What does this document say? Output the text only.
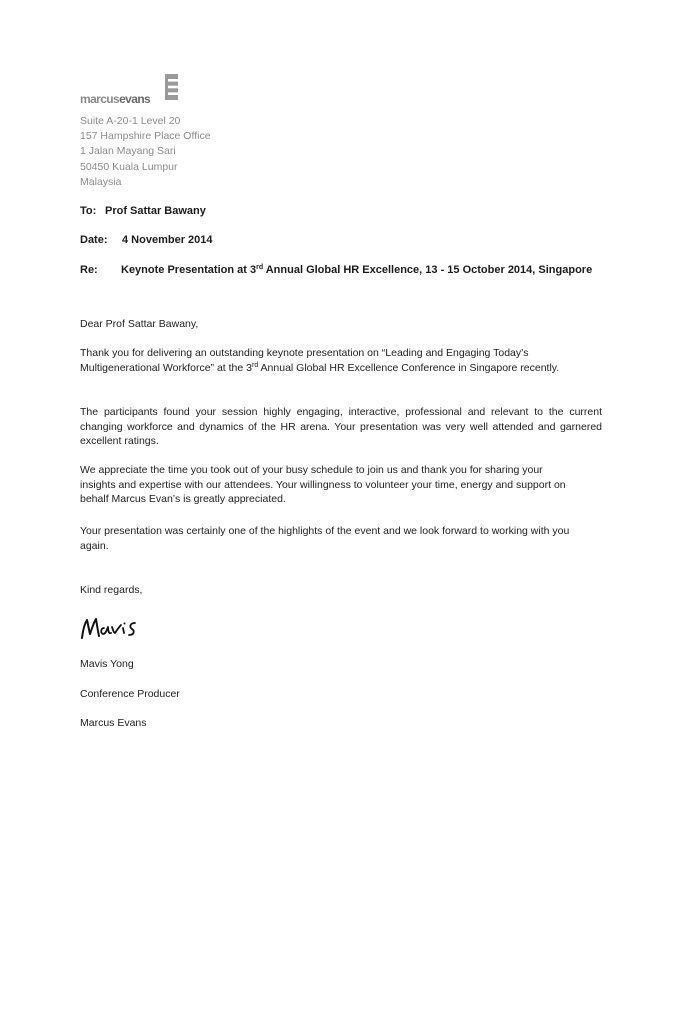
marcusevans
Suite A-20-1 Level 20
157 Hampshire Place Office
1 Jalan Mayang Sari
50450 Kuala Lumpur
Malaysia
To: Prof Sattar Bawany
Date: 4 November 2014
Re: Keynote Presentation at 3rd Annual Global HR Excellence, 13 - 15 October 2014, Singapore
Dear Prof Sattar Bawany,

Thank you for delivering an outstanding keynote presentation on “Leading and Engaging Today’s Multigenerational Workforce” at the 3rd Annual Global HR Excellence Conference in Singapore recently.

The participants found your session highly engaging, interactive, professional and relevant to the current changing workforce and dynamics of the HR arena. Your presentation was very well attended and garnered excellent ratings.

We appreciate the time you took out of your busy schedule to join us and thank you for sharing your insights and expertise with our attendees. Your willingness to volunteer your time, energy and support on behalf Marcus Evan’s is greatly appreciated.

Your presentation was certainly one of the highlights of the event and we look forward to working with you again.

Kind regards,
Mavis Yong
Conference Producer
Marcus Evans
